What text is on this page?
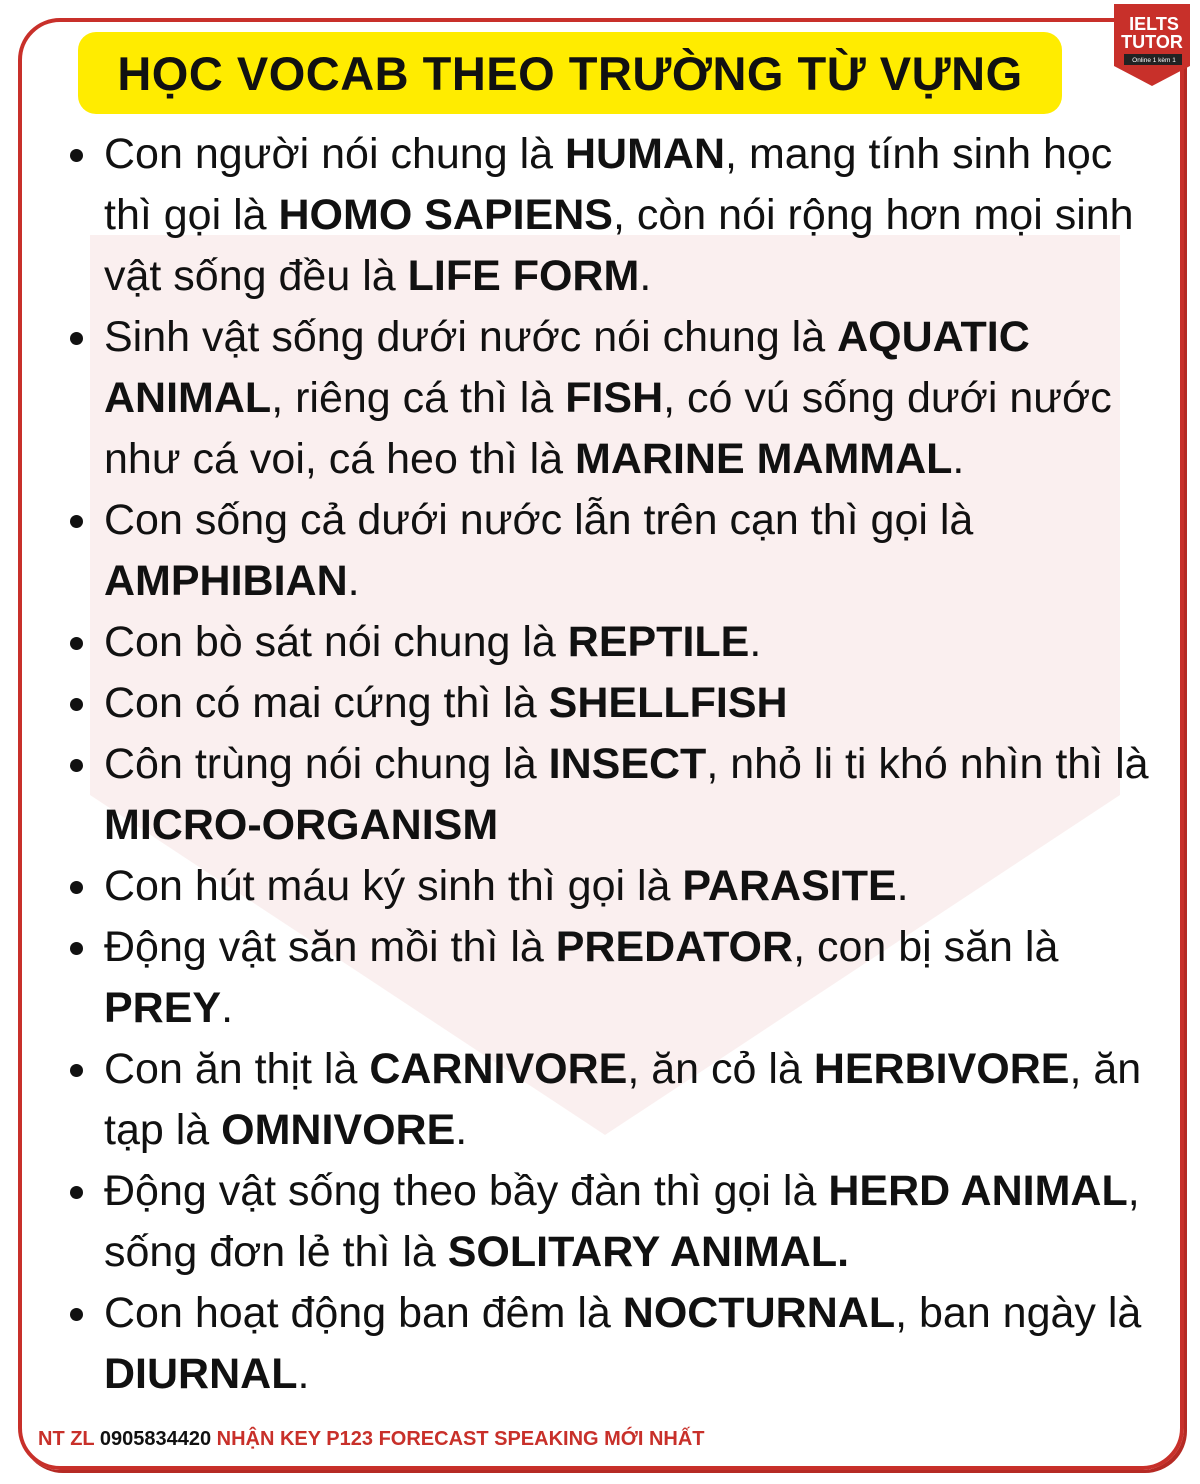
HỌC VOCAB THEO TRƯỜNG TỪ VỰNG
IELTS
TUTOR
Online 1 kèm 1
Con người nói chung là HUMAN, mang tính sinh học thì gọi là HOMO SAPIENS, còn nói rộng hơn mọi sinh vật sống đều là LIFE FORM.
Sinh vật sống dưới nước nói chung là AQUATIC ANIMAL, riêng cá thì là FISH, có vú sống dưới nước như cá voi, cá heo thì là MARINE MAMMAL.
Con sống cả dưới nước lẫn trên cạn thì gọi là AMPHIBIAN.
Con bò sát nói chung là REPTILE.
Con có mai cứng thì là SHELLFISH
Côn trùng nói chung là INSECT, nhỏ li ti khó nhìn thì là MICRO-ORGANISM
Con hút máu ký sinh thì gọi là PARASITE.
Động vật săn mồi thì là PREDATOR, con bị săn là PREY.
Con ăn thịt là CARNIVORE, ăn cỏ là HERBIVORE, ăn tạp là OMNIVORE.
Động vật sống theo bầy đàn thì gọi là HERD ANIMAL, sống đơn lẻ thì là SOLITARY ANIMAL.
Con hoạt động ban đêm là NOCTURNAL, ban ngày là DIURNAL.
NT ZL 0905834420 NHẬN KEY P123 FORECAST SPEAKING MỚI NHẤT
